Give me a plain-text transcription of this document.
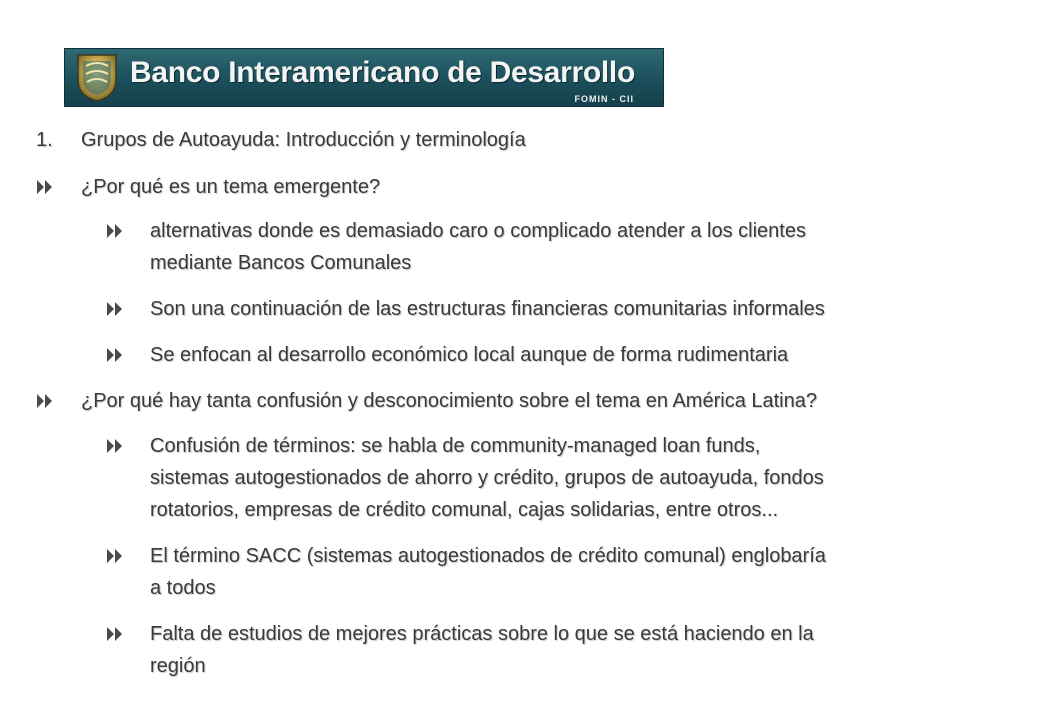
Banco Interamericano de Desarrollo
FOMIN - CII
1. Grupos de Autoayuda: Introducción y terminología
¿Por qué es un tema emergente?
alternativas donde es demasiado caro o complicado atender a los clientes
mediante Bancos Comunales
Son una continuación de las estructuras financieras comunitarias informales
Se enfocan al desarrollo económico local aunque de forma rudimentaria
¿Por qué hay tanta confusión y desconocimiento sobre el tema en América Latina?
Confusión de términos: se habla de community-managed loan funds,
sistemas autogestionados de ahorro y crédito, grupos de autoayuda, fondos
rotatorios, empresas de crédito comunal, cajas solidarias, entre otros...
El término SACC (sistemas autogestionados de crédito comunal) englobaría
a todos
Falta de estudios de mejores prácticas sobre lo que se está haciendo en la
región
